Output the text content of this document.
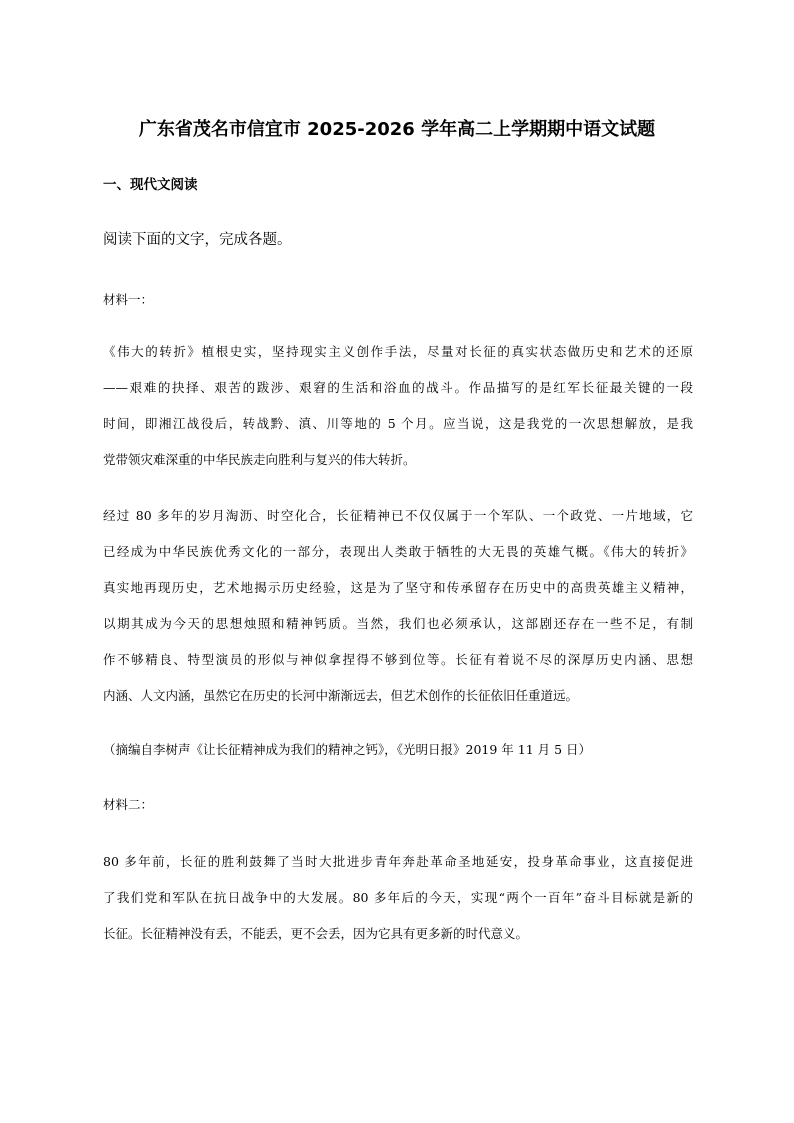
广东省茂名市信宜市 2025-2026 学年高二上学期期中语文试题
一、现代文阅读
阅读下面的文字，完成各题。
材料一：
《伟大的转折》植根史实，坚持现实主义创作手法，尽量对长征的真实状态做历史和艺术的还原
——艰难的抉择、艰苦的跋涉、艰窘的生活和浴血的战斗。作品描写的是红军长征最关键的一段
时间，即湘江战役后，转战黔、滇、川等地的 5 个月。应当说，这是我党的一次思想解放，是我
党带领灾难深重的中华民族走向胜利与复兴的伟大转折。
经过 80 多年的岁月淘沥、时空化合，长征精神已不仅仅属于一个军队、一个政党、一片地域，它
已经成为中华民族优秀文化的一部分，表现出人类敢于牺牲的大无畏的英雄气概。《伟大的转折》
真实地再现历史，艺术地揭示历史经验，这是为了坚守和传承留存在历史中的高贵英雄主义精神，
以期其成为今天的思想烛照和精神钙质。当然，我们也必须承认，这部剧还存在一些不足，有制
作不够精良、特型演员的形似与神似拿捏得不够到位等。长征有着说不尽的深厚历史内涵、思想
内涵、人文内涵，虽然它在历史的长河中渐渐远去，但艺术创作的长征依旧任重道远。
（摘编自李树声《让长征精神成为我们的精神之钙》，《光明日报》2019 年 11 月 5 日）
材料二：
80 多年前，长征的胜利鼓舞了当时大批进步青年奔赴革命圣地延安，投身革命事业，这直接促进
了我们党和军队在抗日战争中的大发展。80 多年后的今天，实现“两个一百年”奋斗目标就是新的
长征。长征精神没有丢，不能丢，更不会丢，因为它具有更多新的时代意义。
